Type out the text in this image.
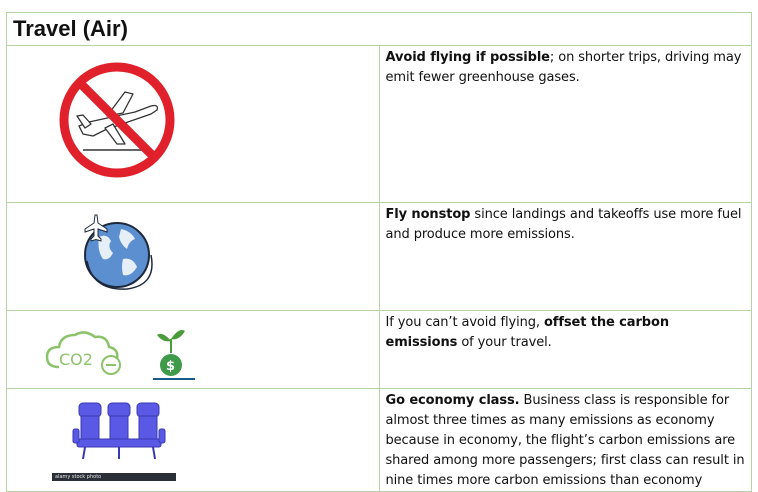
Travel (Air)	

Avoid flying if possible; on shorter trips, driving may emit fewer greenhouse gases.

Fly nonstop since landings and takeoffs use more fuel and produce more emissions.

CO2 $	If you can’t avoid flying, offset the carbon emissions of your travel.

alamy stock photo	Go economy class. Business class is responsible for almost three times as many emissions as economy because in economy, the flight’s carbon emissions are shared among more passengers; first class can result in nine times more carbon emissions than economy
